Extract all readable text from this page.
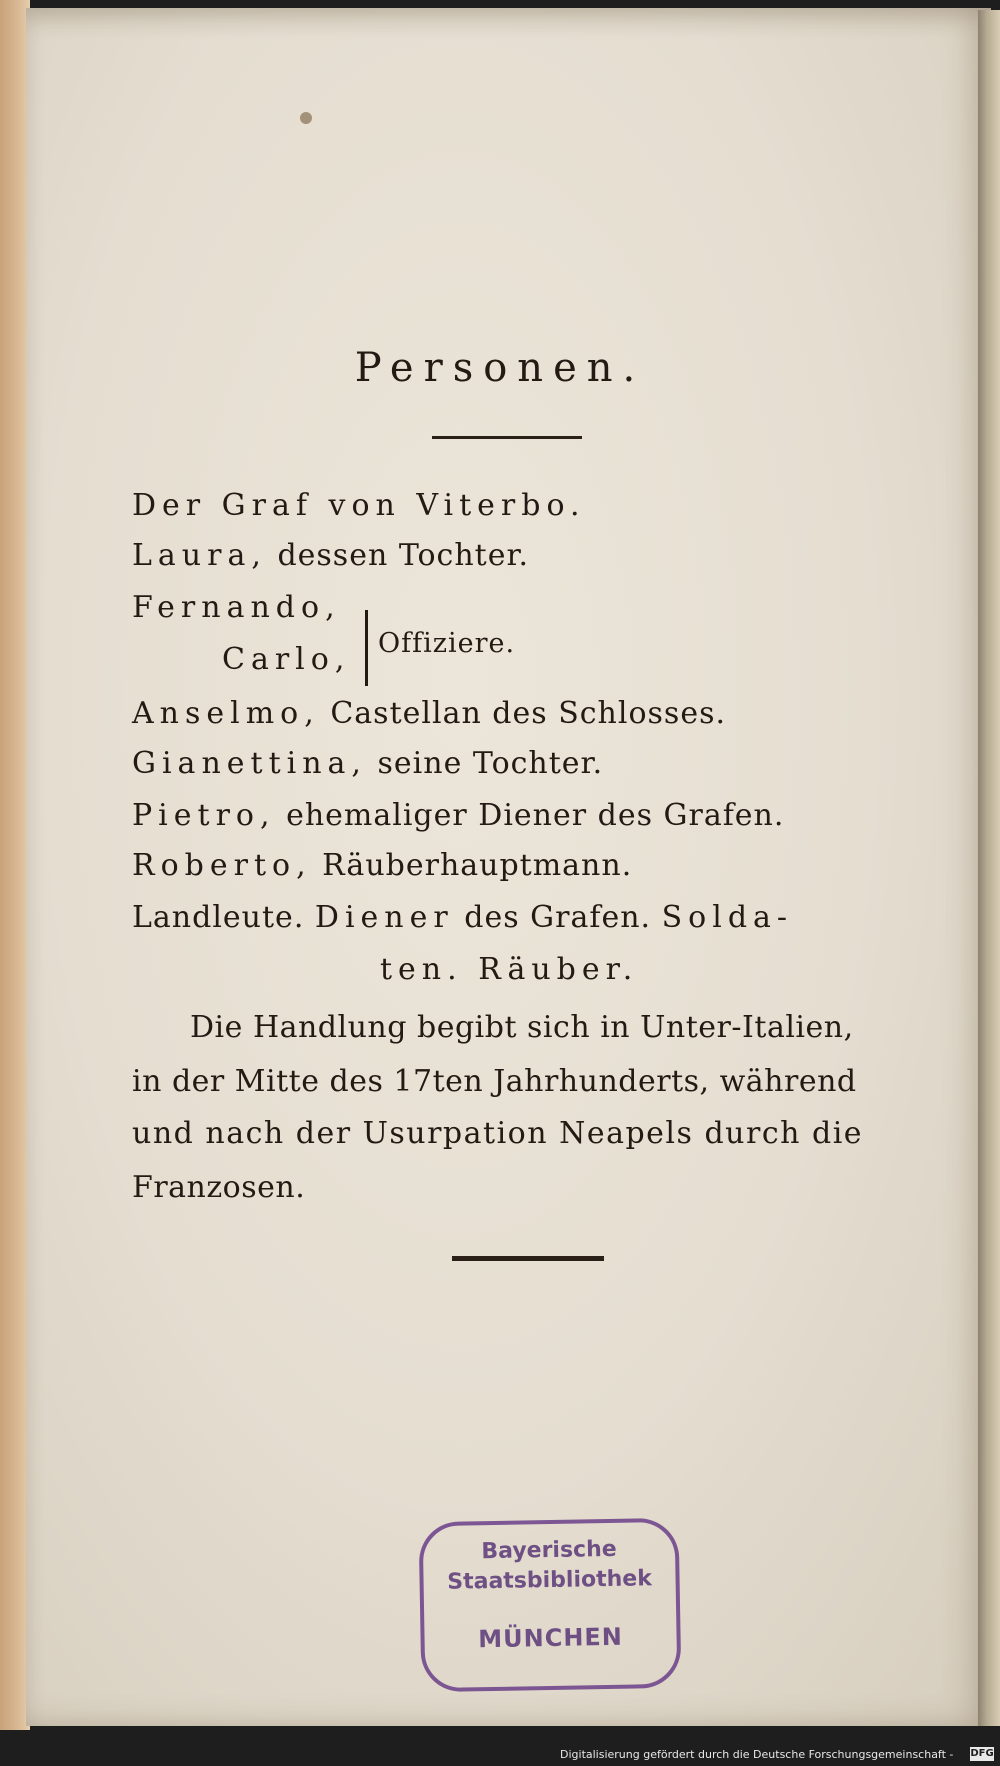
Personen.
Der Graf von Viterbo.
Laura, dessen Tochter.
Fernando,
Carlo, Offiziere.
Anselmo, Castellan des Schlosses.
Gianettina, seine Tochter.
Pietro, ehemaliger Diener des Grafen.
Roberto, Räuberhauptmann.
Landleute. Diener des Grafen. Solda-
ten. Räuber.
Die Handlung begibt sich in Unter-Italien,
in der Mitte des 17ten Jahrhunderts, während
und nach der Usurpation Neapels durch die
Franzosen.
Bayerische
Staatsbibliothek
MÜNCHEN
Digitalisierung gefördert durch die Deutsche Forschungsgemeinschaft - DFG
